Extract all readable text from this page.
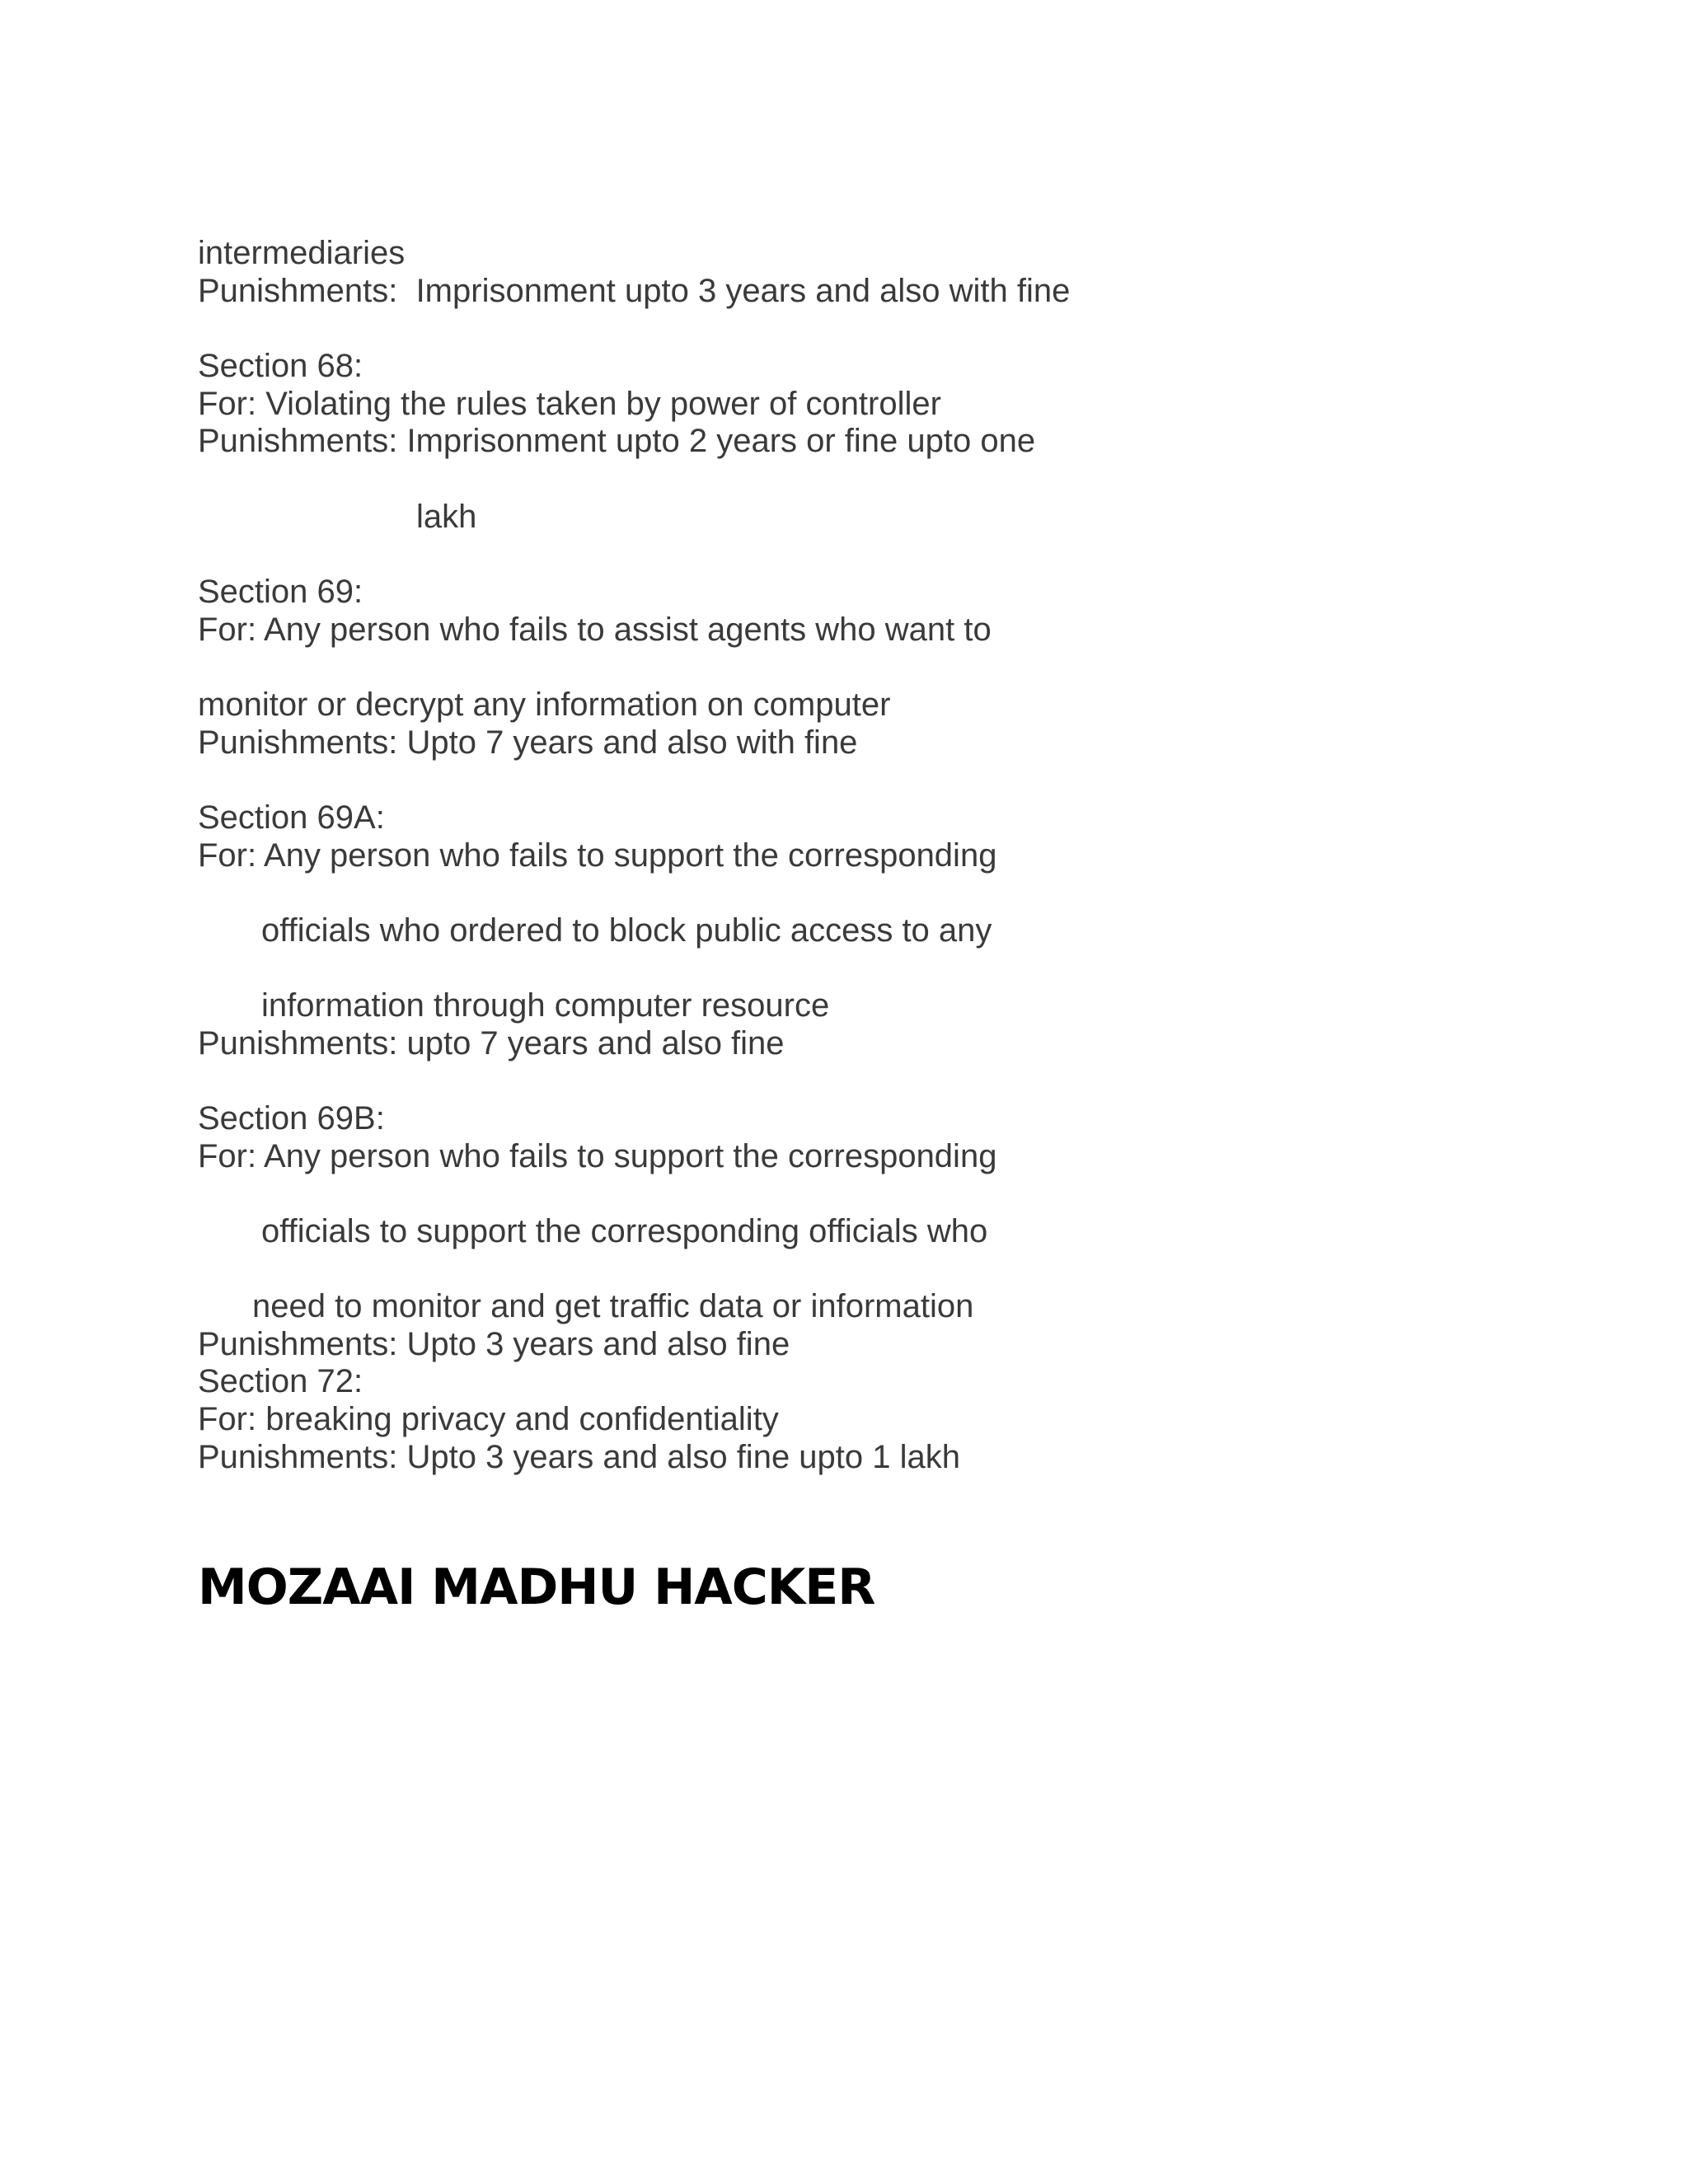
intermediaries

Punishments:  Imprisonment upto 3 years and also with fine

Section 68:

For: Violating the rules taken by power of controller

Punishments: Imprisonment upto 2 years or fine upto one

lakh

Section 69:

For: Any person who fails to assist agents who want to

monitor or decrypt any information on computer

Punishments: Upto 7 years and also with fine

Section 69A:

For: Any person who fails to support the corresponding

officials who ordered to block public access to any

information through computer resource

Punishments: upto 7 years and also fine

Section 69B:

For: Any person who fails to support the corresponding

officials to support the corresponding officials who

need to monitor and get traffic data or information

Punishments: Upto 3 years and also fine

Section 72:

For: breaking privacy and confidentiality

Punishments: Upto 3 years and also fine upto 1 lakh

MOZAAI MADHU HACKER
